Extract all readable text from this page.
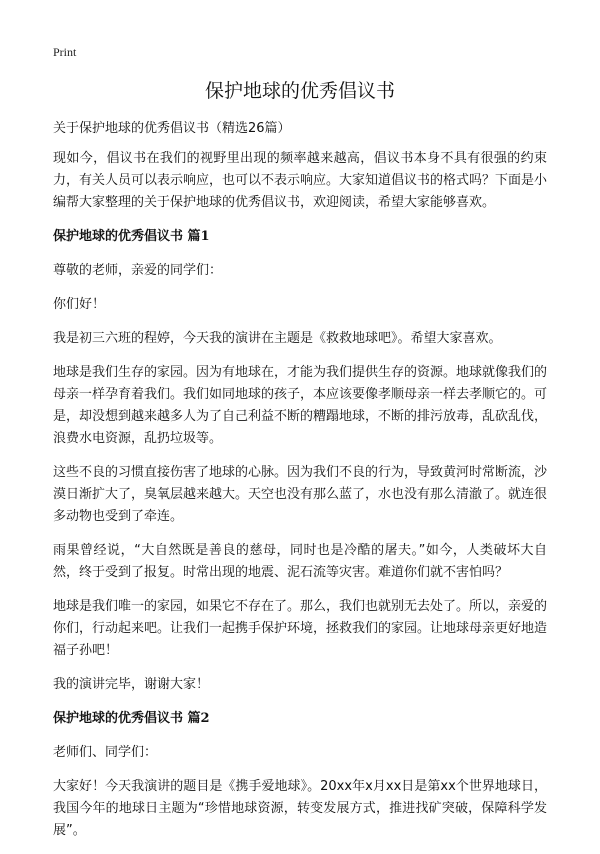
Print
保护地球的优秀倡议书
关于保护地球的优秀倡议书（精选26篇）

现如今，倡议书在我们的视野里出现的频率越来越高，倡议书本身不具有很强的约束力，有关人员可以表示响应，也可以不表示响应。大家知道倡议书的格式吗？下面是小编帮大家整理的关于保护地球的优秀倡议书，欢迎阅读，希望大家能够喜欢。

保护地球的优秀倡议书 篇1

尊敬的老师，亲爱的同学们：

你们好！

我是初三六班的程婷，今天我的演讲在主题是《救救地球吧》。希望大家喜欢。

地球是我们生存的家园。因为有地球在，才能为我们提供生存的资源。地球就像我们的母亲一样孕育着我们。我们如同地球的孩子，本应该要像孝顺母亲一样去孝顺它的。可是，却没想到越来越多人为了自己利益不断的糟蹋地球，不断的排污放毒，乱砍乱伐，浪费水电资源，乱扔垃圾等。

这些不良的习惯直接伤害了地球的心脉。因为我们不良的行为，导致黄河时常断流，沙漠日渐扩大了，臭氧层越来越大。天空也没有那么蓝了，水也没有那么清澈了。就连很多动物也受到了牵连。

雨果曾经说，“大自然既是善良的慈母，同时也是冷酷的屠夫。”如今，人类破坏大自然，终于受到了报复。时常出现的地震、泥石流等灾害。难道你们就不害怕吗？

地球是我们唯一的家园，如果它不存在了。那么，我们也就别无去处了。所以，亲爱的你们，行动起来吧。让我们一起携手保护环境，拯救我们的家园。让地球母亲更好地造福子孙吧！

我的演讲完毕，谢谢大家！

保护地球的优秀倡议书 篇2

老师们、同学们：

大家好！今天我演讲的题目是《携手爱地球》。20xx年x月xx日是第xx个世界地球日，我国今年的地球日主题为“珍惜地球资源，转变发展方式，推进找矿突破，保障科学发展”。
